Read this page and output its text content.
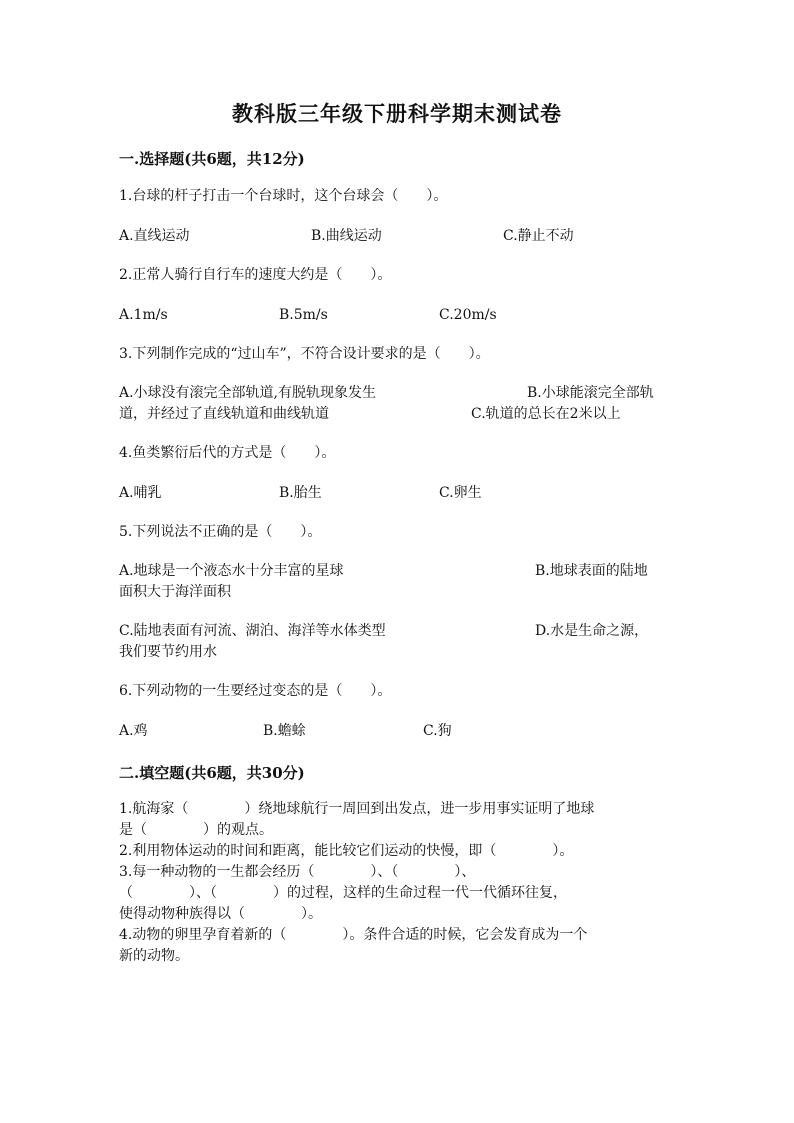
教科版三年级下册科学期末测试卷
一.选择题(共6题，共12分)
1.台球的杆子打击一个台球时，这个台球会（　　）。
A.直线运动	B.曲线运动	C.静止不动
2.正常人骑行自行车的速度大约是（　　）。
A.1m/s	B.5m/s	C.20m/s
3.下列制作完成的“过山车”，不符合设计要求的是（　　）。
A.小球没有滚完全部轨道,有脱轨现象发生	B.小球能滚完全部轨
道，并经过了直线轨道和曲线轨道	C.轨道的总长在2米以上
4.鱼类繁衍后代的方式是（　　）。
A.哺乳	B.胎生	C.卵生
5.下列说法不正确的是（　　）。
A.地球是一个液态水十分丰富的星球	B.地球表面的陆地
面积大于海洋面积
C.陆地表面有河流、湖泊、海洋等水体类型	D.水是生命之源，
我们要节约用水
6.下列动物的一生要经过变态的是（　　）。
A.鸡	B.蟾蜍	C.狗
二.填空题(共6题，共30分)
1.航海家（　　　　）绕地球航行一周回到出发点，进一步用事实证明了地球
是（　　　　）的观点。
2.利用物体运动的时间和距离，能比较它们运动的快慢，即（　　　　）。
3.每一种动物的一生都会经历（　　　　）、（　　　　）、
（　　　　）、（　　　　）的过程，这样的生命过程一代一代循环往复，
使得动物种族得以（　　　　）。
4.动物的卵里孕育着新的（　　　　）。条件合适的时候，它会发育成为一个
新的动物。
